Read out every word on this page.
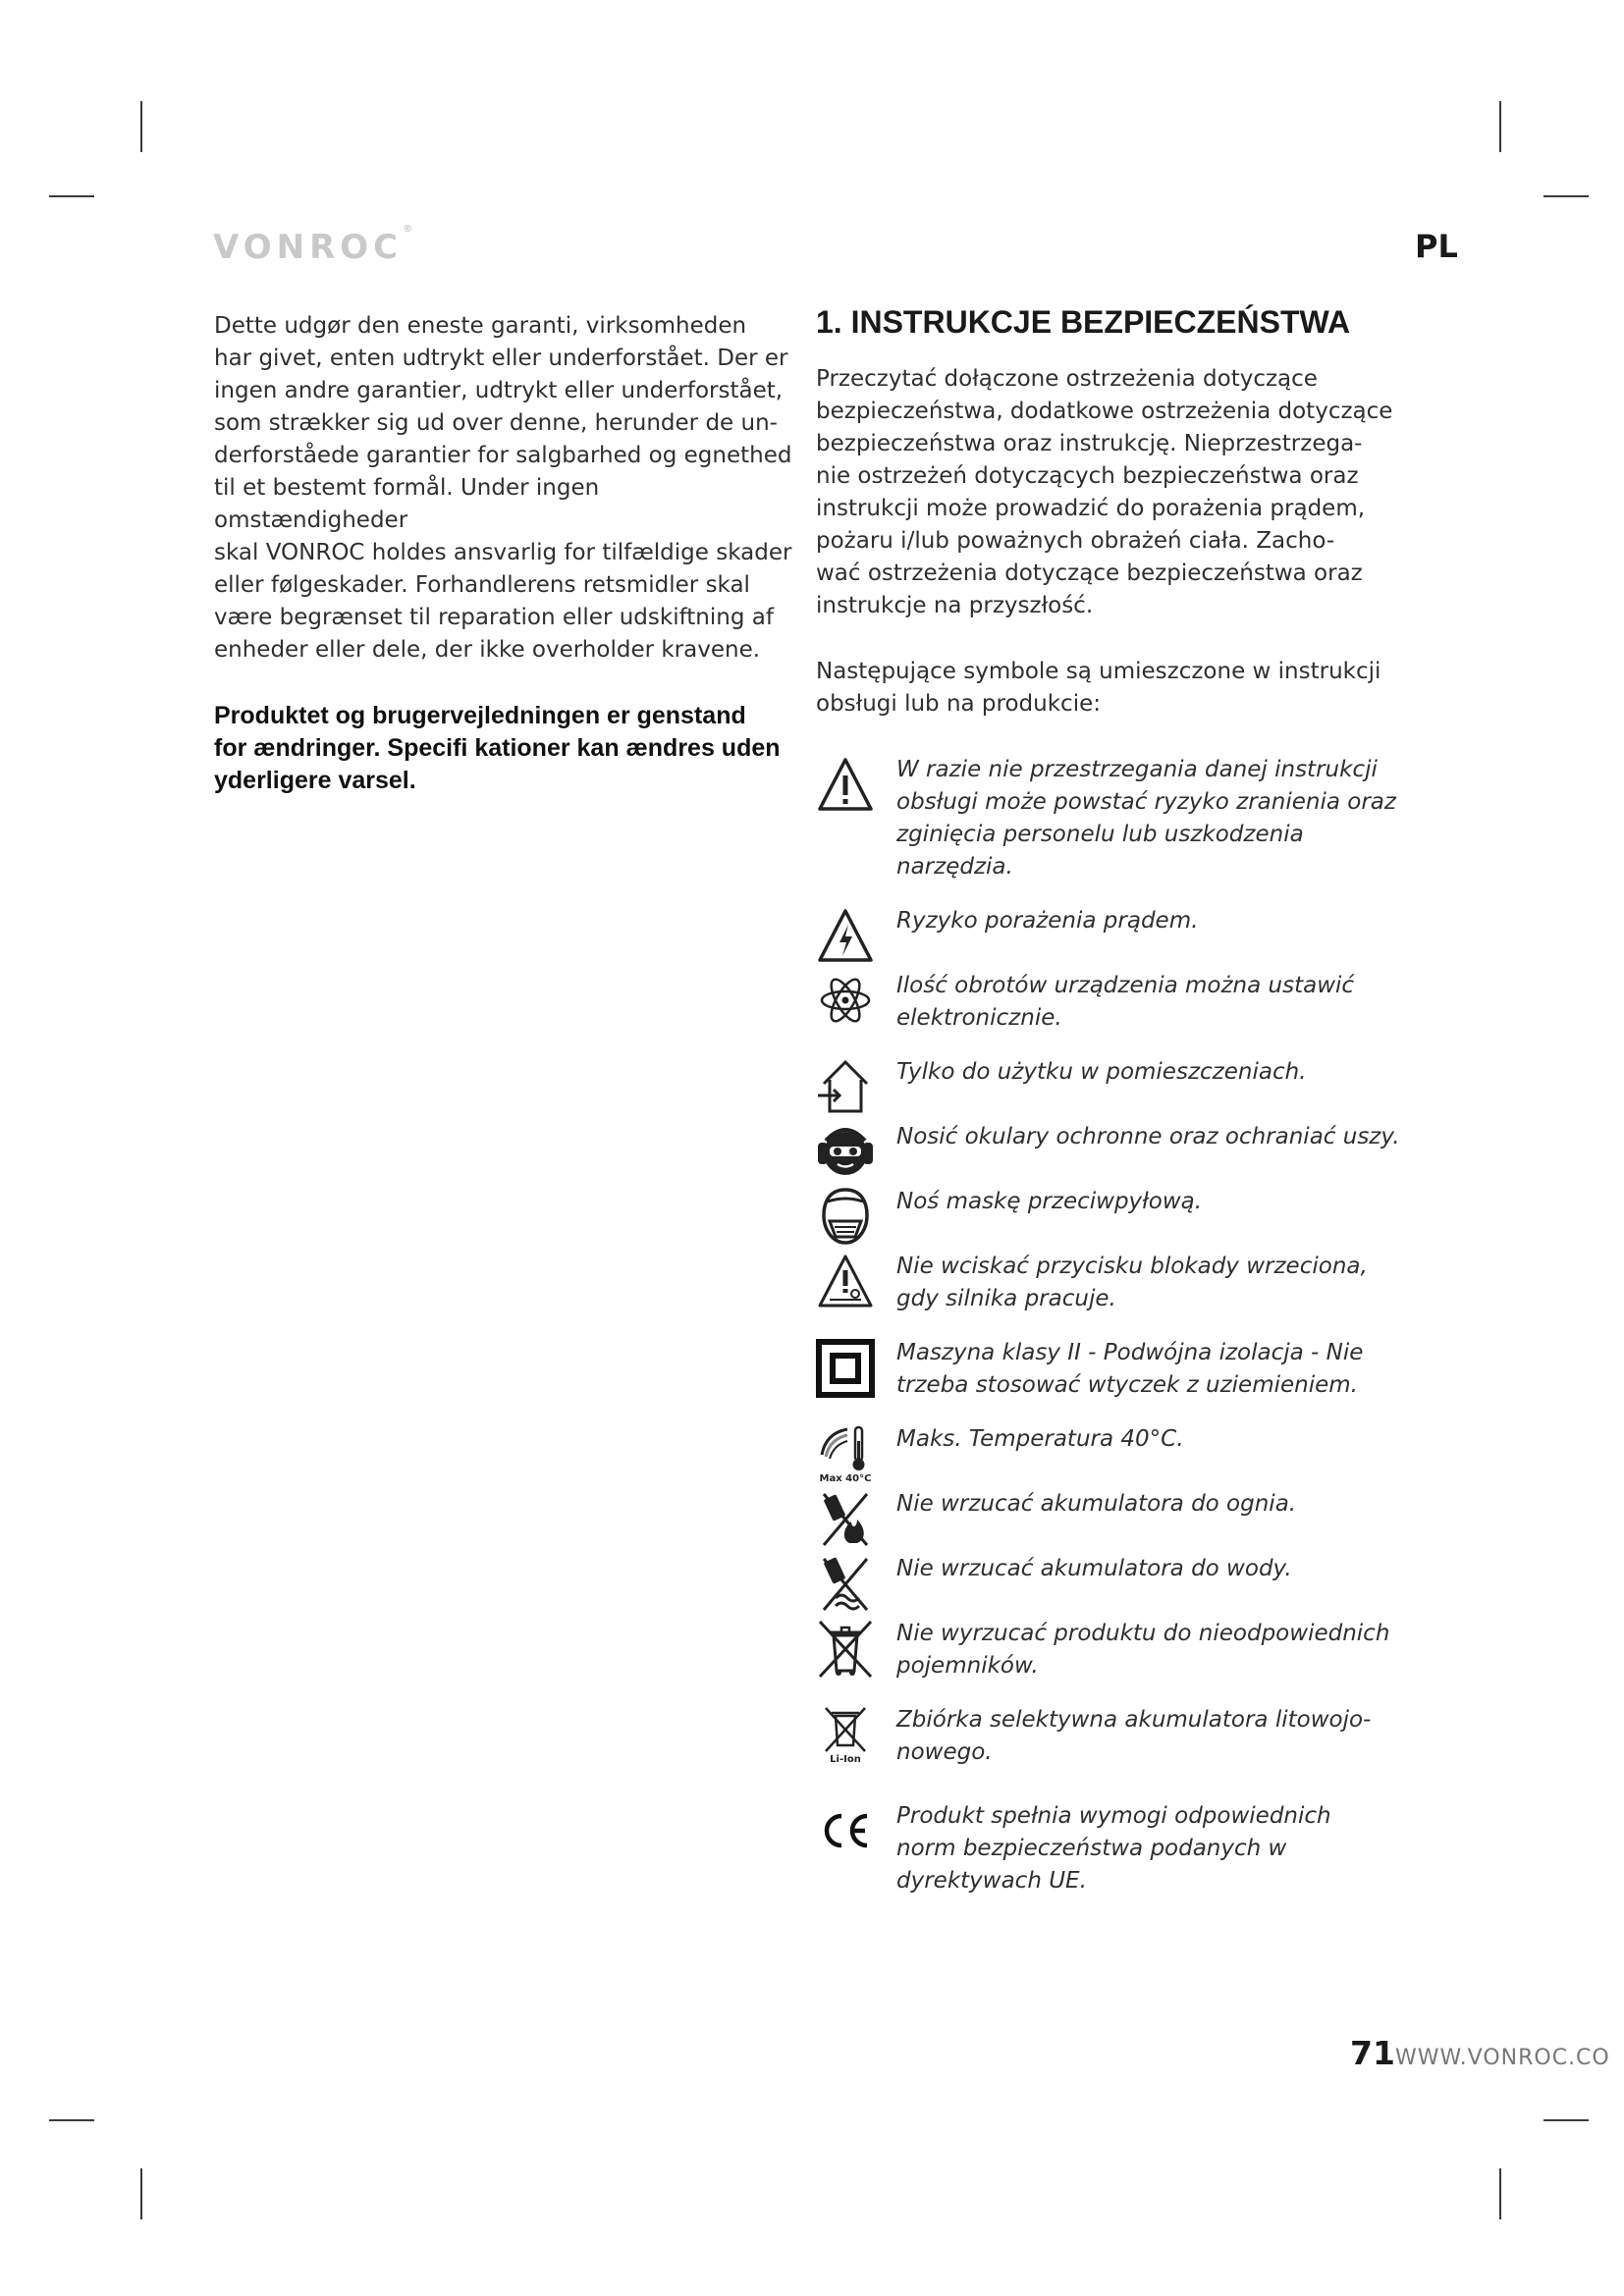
VONROC®	PL

Dette udgør den eneste garanti, virksomheden
har givet, enten udtrykt eller underforstået. Der er
ingen andre garantier, udtrykt eller underforstået,
som strækker sig ud over denne, herunder de un-
derforståede garantier for salgbarhed og egnethed
til et bestemt formål. Under ingen omstændigheder
skal VONROC holdes ansvarlig for tilfældige skader
eller følgeskader. Forhandlerens retsmidler skal
være begrænset til reparation eller udskiftning af
enheder eller dele, der ikke overholder kravene.

Produktet og brugervejledningen er genstand
for ændringer. Specifi kationer kan ændres uden
yderligere varsel.

1. INSTRUKCJE BEZPIECZEŃSTWA

Przeczytać dołączone ostrzeżenia dotyczące
bezpieczeństwa, dodatkowe ostrzeżenia dotyczące
bezpieczeństwa oraz instrukcję. Nieprzestrzega-
nie ostrzeżeń dotyczących bezpieczeństwa oraz
instrukcji może prowadzić do porażenia prądem,
pożaru i/lub poważnych obrażeń ciała. Zacho-
wać ostrzeżenia dotyczące bezpieczeństwa oraz
instrukcje na przyszłość.

Następujące symbole są umieszczone w instrukcji
obsługi lub na produkcie:

W razie nie przestrzegania danej instrukcji
obsługi może powstać ryzyko zranienia oraz
zginięcia personelu lub uszkodzenia
narzędzia.

Ryzyko porażenia prądem.

Ilość obrotów urządzenia można ustawić
elektronicznie.

Tylko do użytku w pomieszczeniach.

Nosić okulary ochronne oraz ochraniać uszy.

Noś maskę przeciwpyłową.

Nie wciskać przycisku blokady wrzeciona,
gdy silnika pracuje.

Maszyna klasy II - Podwójna izolacja - Nie
trzeba stosować wtyczek z uziemieniem.

Max 40°C

Maks. Temperatura 40°C.

Nie wrzucać akumulatora do ognia.

Nie wrzucać akumulatora do wody.

Nie wyrzucać produktu do nieodpowiednich
pojemników.

Li-Ion

Zbiórka selektywna akumulatora litowojo-
nowego.

Produkt spełnia wymogi odpowiednich
norm bezpieczeństwa podanych w
dyrektywach UE.

71WWW.VONROC.CO
